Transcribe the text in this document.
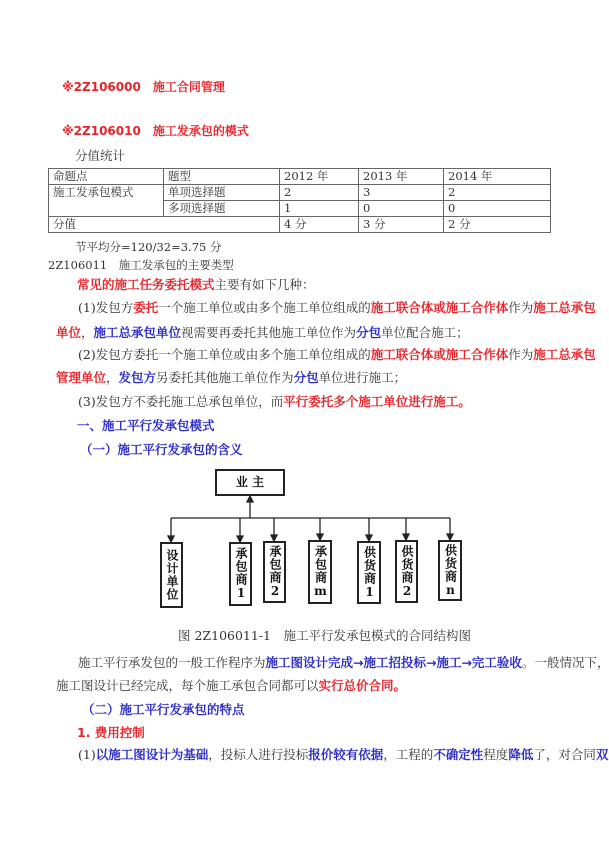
※2Z106000　施工合同管理
※2Z106010　施工发承包的模式
分值统计
命题点	题型	2012 年	2013 年	2014 年
施工发承包模式	单项选择题	2	3	2
	多项选择题	1	0	0
分值		4 分	3 分	2 分
节平均分=120/32=3.75 分
2Z106011　施工发承包的主要类型
常见的施工任务委托模式主要有如下几种：
(1)发包方委托一个施工单位或由多个施工单位组成的施工联合体或施工合作体作为施工总承包
单位，施工总承包单位视需要再委托其他施工单位作为分包单位配合施工；
(2)发包方委托一个施工单位或由多个施工单位组成的施工联合体或施工合作体作为施工总承包
管理单位，发包方另委托其他施工单位作为分包单位进行施工；
(3)发包方不委托施工总承包单位，而平行委托多个施工单位进行施工。
一、施工平行发承包模式
（一）施工平行发承包的含义
业 主
设计单位	承包商1	承包商2	承包商m	供货商1	供货商2	供货商n
图 2Z106011-1　施工平行发承包模式的合同结构图
施工平行承发包的一般工作程序为施工图设计完成→施工招投标→施工→完工验收。一般情况下，
施工图设计已经完成，每个施工承包合同都可以实行总价合同。
（二）施工平行发承包的特点
1. 费用控制
(1)以施工图设计为基础，投标人进行投标报价较有依据，工程的不确定性程度降低了，对合同双
